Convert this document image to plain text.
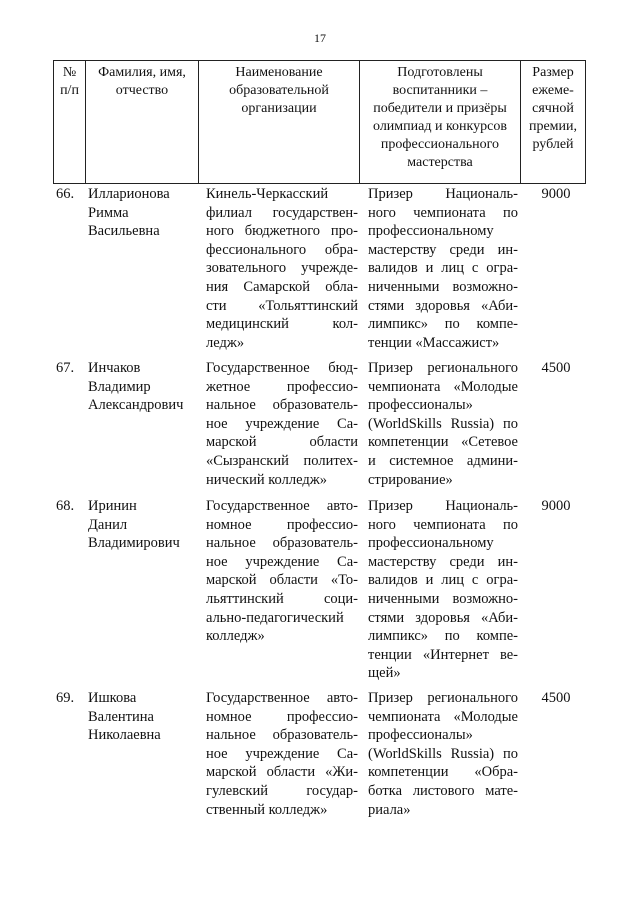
17
№
п/п
Фамилия, имя,
отчество
Наименование
образовательной
организации
Подготовлены
воспитанники –
победители и призёры
олимпиад и конкурсов
профессионального
мастерства
Размер
ежеме-
сячной
премии,
рублей
66. Илларионова
Римма
Васильевна
Кинель-Черкасский
филиал государствен-
ного бюджетного про-
фессионального обра-
зовательного учрежде-
ния Самарской обла-
сти «Тольяттинский
медицинский кол-
ледж»
Призер Националь-
ного чемпионата по
профессиональному
мастерству среди ин-
валидов и лиц с огра-
ниченными возможно-
стями здоровья «Аби-
лимпикс» по компе-
тенции «Массажист»
9000
67. Инчаков
Владимир
Александрович
Государственное бюд-
жетное профессио-
нальное образователь-
ное учреждение Са-
марской области
«Сызранский политех-
нический колледж»
Призер регионального
чемпионата «Молодые
профессионалы»
(WorldSkills Russia) по
компетенции «Сетевое
и системное админи-
стрирование»
4500
68. Иринин
Данил
Владимирович
Государственное авто-
номное профессио-
нальное образователь-
ное учреждение Са-
марской области «То-
льяттинский соци-
ально-педагогический
колледж»
Призер Националь-
ного чемпионата по
профессиональному
мастерству среди ин-
валидов и лиц с огра-
ниченными возможно-
стями здоровья «Аби-
лимпикс» по компе-
тенции «Интернет ве-
щей»
9000
69. Ишкова
Валентина
Николаевна
Государственное авто-
номное профессио-
нальное образователь-
ное учреждение Са-
марской области «Жи-
гулевский государ-
ственный колледж»
Призер регионального
чемпионата «Молодые
профессионалы»
(WorldSkills Russia) по
компетенции «Обра-
ботка листового мате-
риала»
4500
